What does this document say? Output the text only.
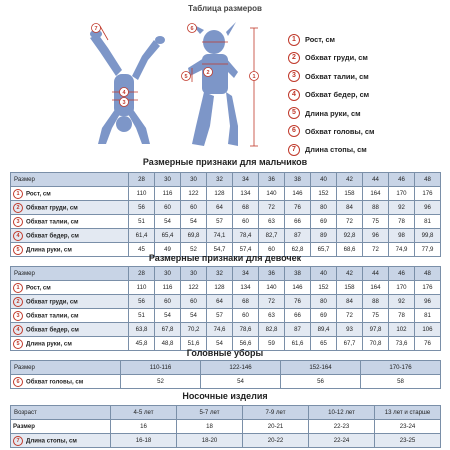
Таблица размеров
7
4
3
6
2
5	1
1	Рост, см
2	Обхват груди, см
3	Обхват талии, см
4	Обхват бедер, см
5	Длина руки, см
6	Обхват головы, см
7	Длина стопы, см
Размерные признаки для мальчиков
Размер	28	30	30	32	34	36	38	40	42	44	46	48
1 Рост, см	110	116	122	128	134	140	146	152	158	164	170	176
2 Обхват груди, см	56	60	60	64	68	72	76	80	84	88	92	96
3 Обхват талии, см	51	54	54	57	60	63	66	69	72	75	78	81
4 Обхват бедер, см	61,4	65,4	69,8	74,1	78,4	82,7	87	89	92,8	96	98	99,8
5 Длина руки, см	45	49	52	54,7	57,4	60	62,8	65,7	68,6	72	74,9	77,9
Размерные признаки для девочек
Размер	28	30	30	32	34	36	38	40	42	44	46	48
1 Рост, см	110	116	122	128	134	140	146	152	158	164	170	176
2 Обхват груди, см	56	60	60	64	68	72	76	80	84	88	92	96
3 Обхват талии, см	51	54	54	57	60	63	66	69	72	75	78	81
4 Обхват бедер, см	63,8	67,8	70,2	74,6	78,6	82,8	87	89,4	93	97,8	102	106
5 Длина руки, см	45,8	48,8	51,6	54	56,6	59	61,6	65	67,7	70,8	73,6	76
Головные уборы
Размер	110-116	122-146	152-164	170-176
6 Обхват головы, см	52	54	56	58
Носочные изделия
Возраст	4-5 лет	5-7 лет	7-9 лет	10-12 лет	13 лет и старше
Размер	16	18	20-21	22-23	23-24
7 Длина стопы, см	16-18	18-20	20-22	22-24	23-25
